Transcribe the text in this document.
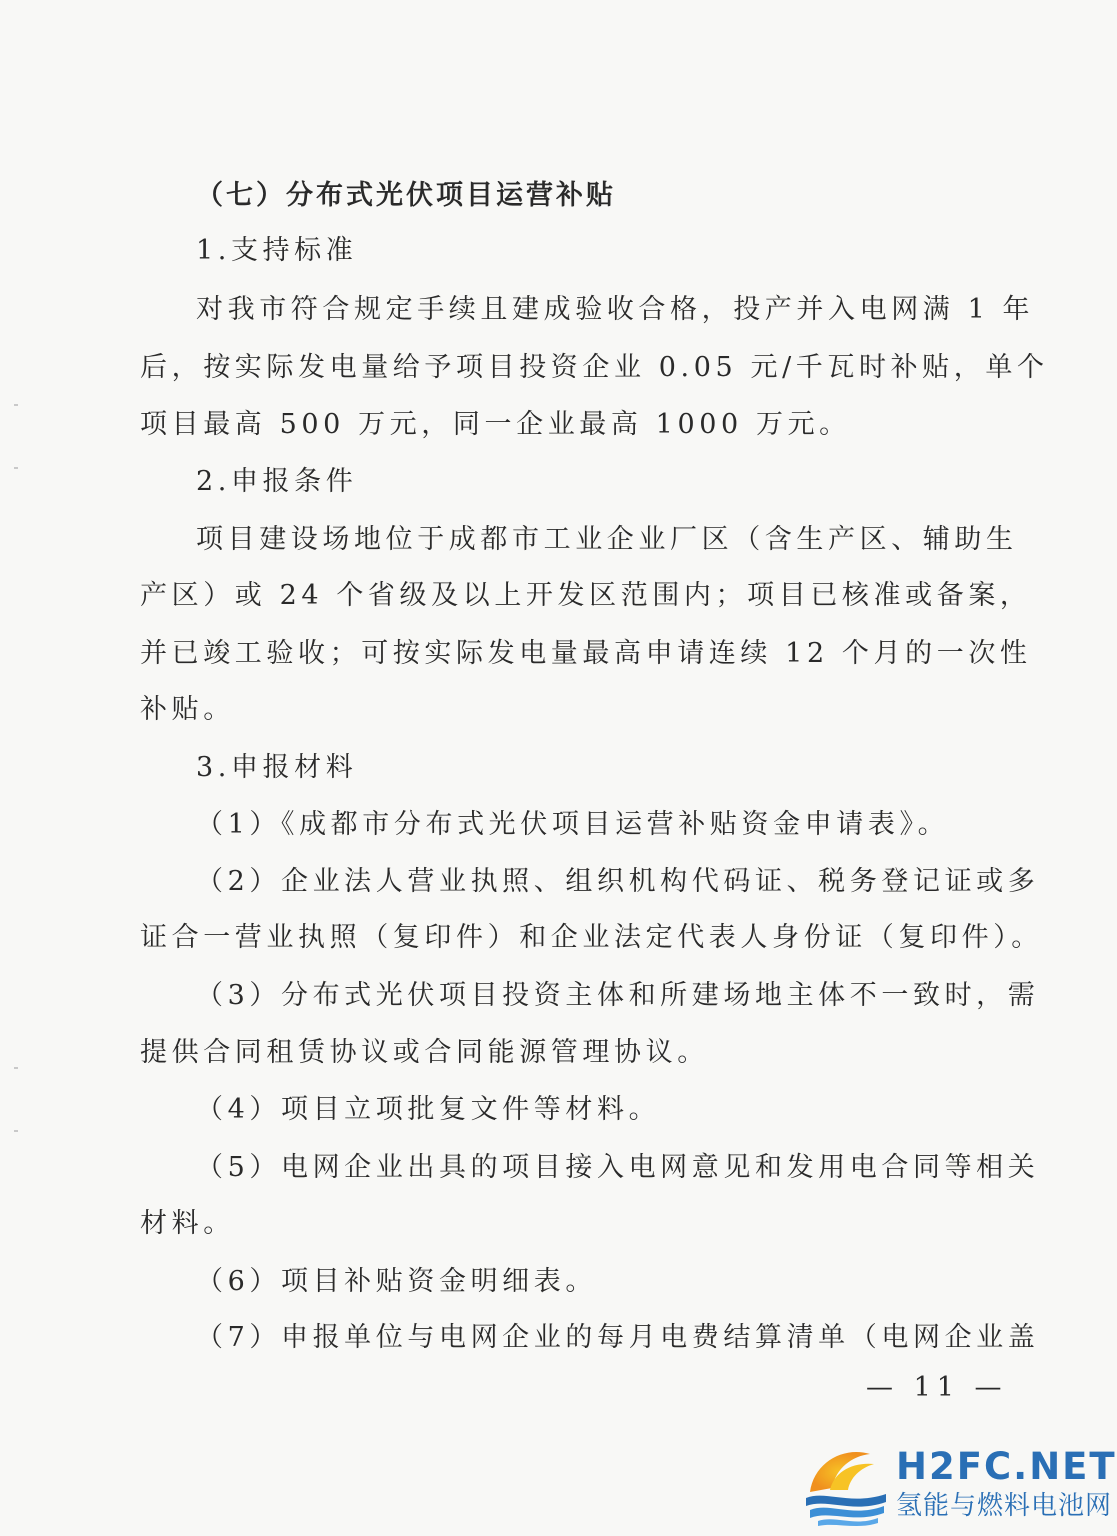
（七）分布式光伏项目运营补贴
1.支持标准
对我市符合规定手续且建成验收合格，投产并入电网满 1 年
后，按实际发电量给予项目投资企业 0.05 元/千瓦时补贴，单个
项目最高 500 万元，同一企业最高 1000 万元。
2.申报条件
项目建设场地位于成都市工业企业厂区（含生产区、辅助生
产区）或 24 个省级及以上开发区范围内；项目已核准或备案，
并已竣工验收；可按实际发电量最高申请连续 12 个月的一次性
补贴。
3.申报材料
（1）《成都市分布式光伏项目运营补贴资金申请表》。
（2）企业法人营业执照、组织机构代码证、税务登记证或多
证合一营业执照（复印件）和企业法定代表人身份证（复印件）。
（3）分布式光伏项目投资主体和所建场地主体不一致时，需
提供合同租赁协议或合同能源管理协议。
（4）项目立项批复文件等材料。
（5）电网企业出具的项目接入电网意见和发用电合同等相关
材料。
（6）项目补贴资金明细表。
（7）申报单位与电网企业的每月电费结算清单（电网企业盖
— 11 —
H2FC.NET
氢能与燃料电池网
